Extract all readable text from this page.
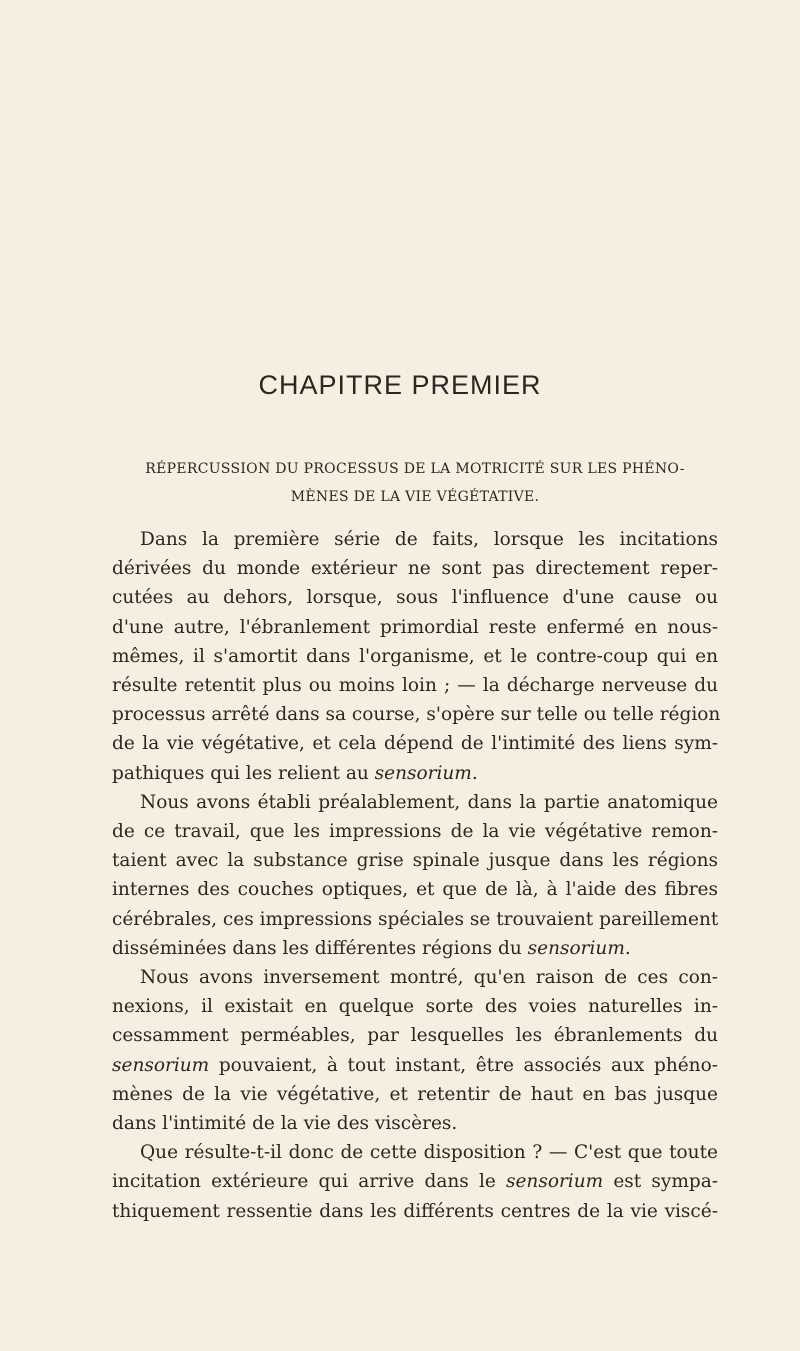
CHAPITRE PREMIER
RÉPERCUSSION DU PROCESSUS DE LA MOTRICITÉ SUR LES PHÉNO-
MÈNES DE LA VIE VÉGÉTATIVE.
Dans la première série de faits, lorsque les incitations
dérivées du monde extérieur ne sont pas directement reper-
cutées au dehors, lorsque, sous l'influence d'une cause ou
d'une autre, l'ébranlement primordial reste enfermé en nous-
mêmes, il s'amortit dans l'organisme, et le contre-coup qui en
résulte retentit plus ou moins loin ; — la décharge nerveuse du
processus arrêté dans sa course, s'opère sur telle ou telle région
de la vie végétative, et cela dépend de l'intimité des liens sym-
pathiques qui les relient au sensorium.
Nous avons établi préalablement, dans la partie anatomique
de ce travail, que les impressions de la vie végétative remon-
taient avec la substance grise spinale jusque dans les régions
internes des couches optiques, et que de là, à l'aide des fibres
cérébrales, ces impressions spéciales se trouvaient pareillement
disséminées dans les différentes régions du sensorium.
Nous avons inversement montré, qu'en raison de ces con-
nexions, il existait en quelque sorte des voies naturelles in-
cessamment perméables, par lesquelles les ébranlements du
sensorium pouvaient, à tout instant, être associés aux phéno-
mènes de la vie végétative, et retentir de haut en bas jusque
dans l'intimité de la vie des viscères.
Que résulte-t-il donc de cette disposition ? — C'est que toute
incitation extérieure qui arrive dans le sensorium est sympa-
thiquement ressentie dans les différents centres de la vie viscé-
